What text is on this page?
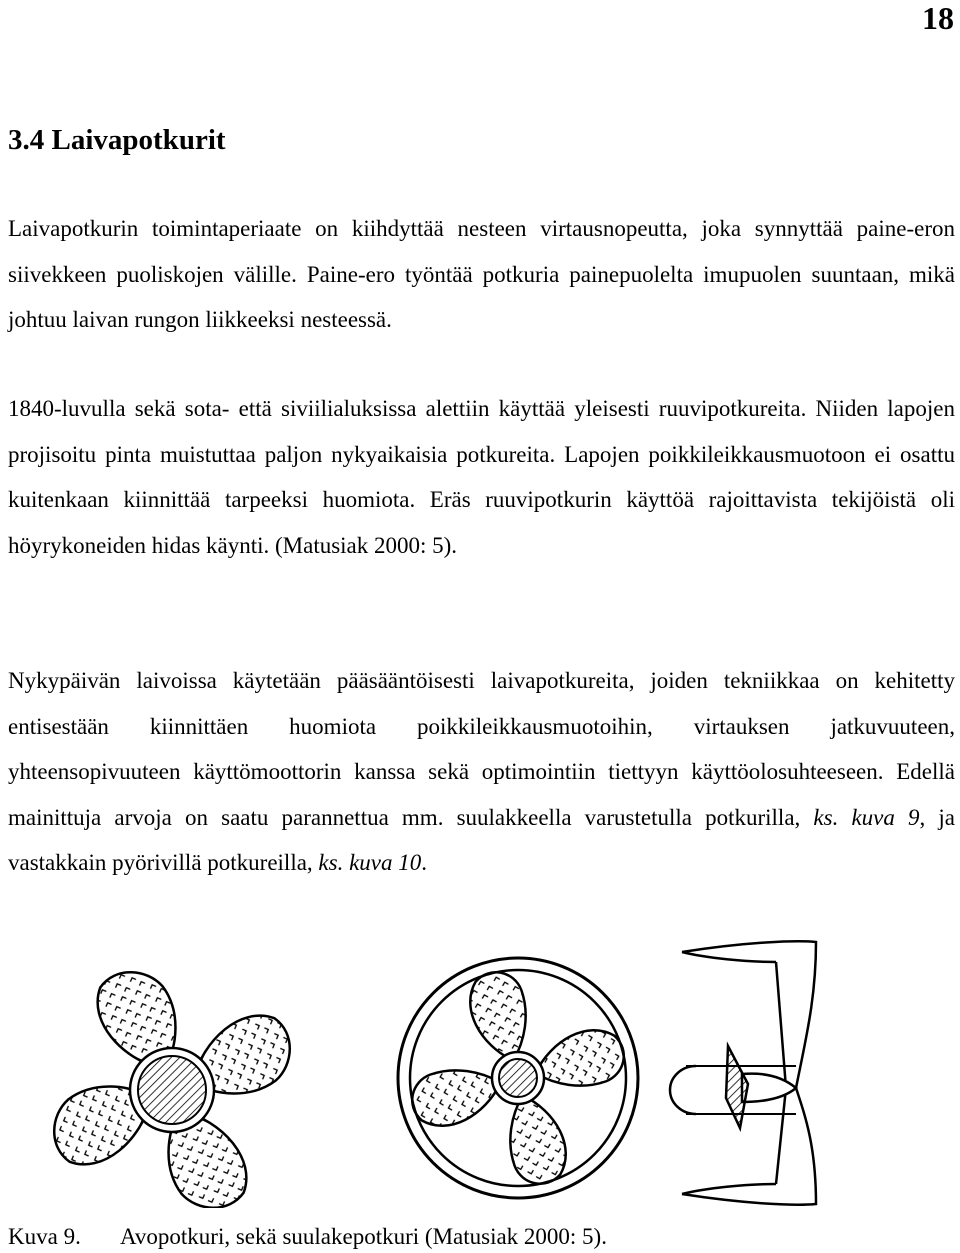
18
3.4 Laivapotkurit

Laivapotkurin toimintaperiaate on kiihdyttää nesteen virtausnopeutta, joka synnyttää paine-eron siivekkeen puoliskojen välille. Paine-ero työntää potkuria painepuolelta imupuolen suuntaan, mikä johtuu laivan rungon liikkeeksi nesteessä.

1840-luvulla sekä sota- että siviilialuksissa alettiin käyttää yleisesti ruuvipotkureita. Niiden lapojen projisoitu pinta muistuttaa paljon nykyaikaisia potkureita. Lapojen poikkileikkausmuotoon ei osattu kuitenkaan kiinnittää tarpeeksi huomiota. Eräs ruuvipotkurin käyttöä rajoittavista tekijöistä oli höyrykoneiden hidas käynti. (Matusiak 2000: 5).

Nykypäivän laivoissa käytetään pääsääntöisesti laivapotkureita, joiden tekniikkaa on kehitetty entisestään kiinnittäen huomiota poikkileikkausmuotoihin, virtauksen jatkuvuuteen, yhteensopivuuteen käyttömoottorin kanssa sekä optimointiin tiettyyn käyttöolosuhteeseen. Edellä mainittuja arvoja on saatu parannettua mm. suulakkeella varustetulla potkurilla, ks. kuva 9, ja vastakkain pyörivillä potkureilla, ks. kuva 10.

Kuva 9. Avopotkuri, sekä suulakepotkuri (Matusiak 2000: 5).
